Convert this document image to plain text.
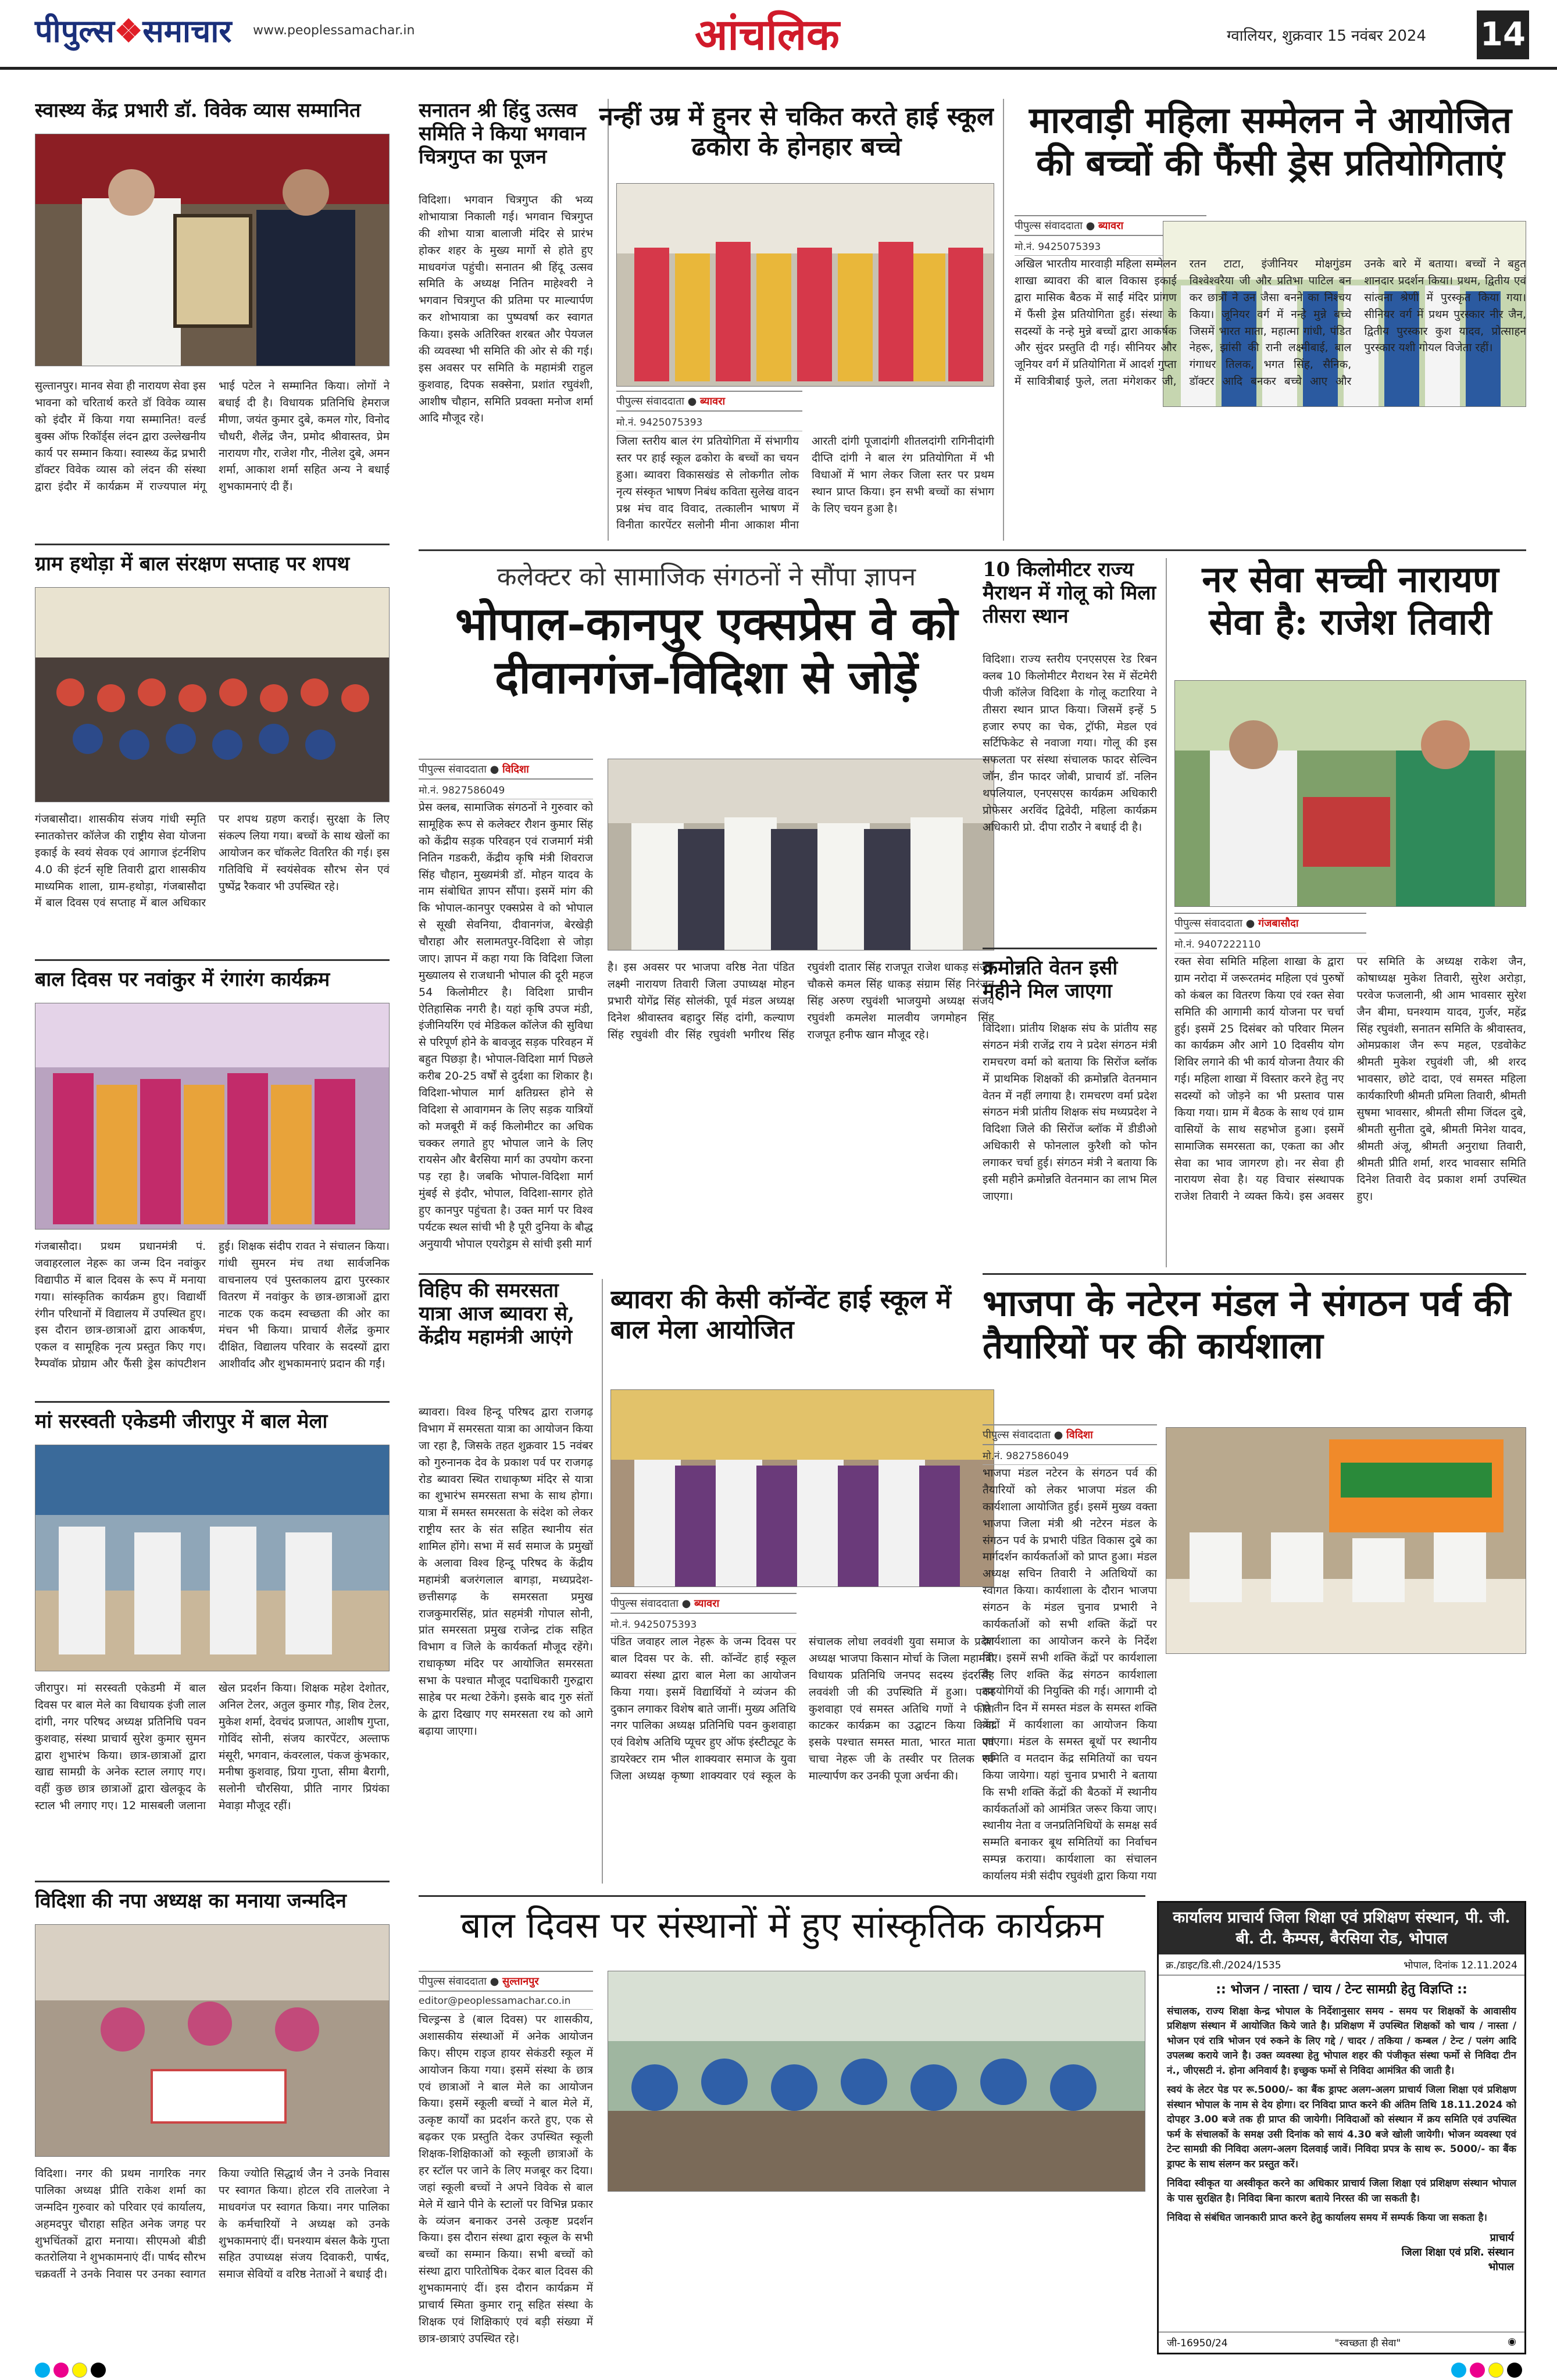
पीपुल्स❖समाचार www.peoplessamachar.in	आंचलिक	ग्वालियर, शुक्रवार 15 नवंबर 2024 14
स्वास्थ्य केंद्र प्रभारी डॉ. विवेक व्यास सम्मानित
सुल्तानपुर। मानव सेवा ही नारायण सेवा इस भावना को चरितार्थ करते डॉ विवेक व्यास को इंदौर में किया गया सम्मानित! वर्ल्ड बुक्स ऑफ रिकॉर्ड्स लंदन द्वारा उल्लेखनीय कार्य पर सम्मान किया। स्वास्थ्य केंद्र प्रभारी डॉक्टर विवेक व्यास को लंदन की संस्था द्वारा इंदौर में कार्यक्रम में राज्यपाल मंगू भाई पटेल ने सम्मानित किया। लोगों ने बधाई दी है। विधायक प्रतिनिधि हेमराज मीणा, जयंत कुमार दुबे, कमल गोर, विनोद चौधरी, शैलेंद्र जैन, प्रमोद श्रीवास्तव, प्रेम नारायण गौर, राजेश गौर, नीलेश दुबे, अमन शर्मा, आकाश शर्मा सहित अन्य ने बधाई शुभकामनाएं दी हैं।
ग्राम हथोड़ा में बाल संरक्षण सप्ताह पर शपथ
गंजबासौदा। शासकीय संजय गांधी स्मृति स्नातकोत्तर कॉलेज की राष्ट्रीय सेवा योजना इकाई के स्वयं सेवक एवं आगाज इंटर्नशिप 4.0 की इंटर्न सृष्टि तिवारी द्वारा शासकीय माध्यमिक शाला, ग्राम-हथोड़ा, गंजबासौदा में बाल दिवस एवं सप्ताह में बाल अधिकार पर शपथ ग्रहण कराई। सुरक्षा के लिए संकल्प लिया गया। बच्चों के साथ खेलों का आयोजन कर चॉकलेट वितरित की गई। इस गतिविधि में स्वयंसेवक सौरभ सेन एवं पुष्पेंद्र रैकवार भी उपस्थित रहे।
बाल दिवस पर नवांकुर में रंगारंग कार्यक्रम
गंजबासौदा। प्रथम प्रधानमंत्री पं. जवाहरलाल नेहरू का जन्म दिन नवांकुर विद्यापीठ में बाल दिवस के रूप में मनाया गया। सांस्कृतिक कार्यक्रम हुए। विद्यार्थी रंगीन परिधानों में विद्यालय में उपस्थित हुए। इस दौरान छात्र-छात्राओं द्वारा आकर्षण, एकल व सामूहिक नृत्य प्रस्तुत किए गए। रैम्पवॉक प्रोग्राम और फैंसी ड्रेस कांपटीशन हुई। शिक्षक संदीप रावत ने संचालन किया। गांधी सुमरन मंच तथा सार्वजनिक वाचनालय एवं पुस्तकालय द्वारा पुरस्कार वितरण में नवांकुर के छात्र-छात्राओं द्वारा नाटक एक कदम स्वच्छता की ओर का मंचन भी किया। प्राचार्य शैलेंद्र कुमार दीक्षित, विद्यालय परिवार के सदस्यों द्वारा आशीर्वाद और शुभकामनाएं प्रदान की गईं।
मां सरस्वती एकेडमी जीरापुर में बाल मेला
जीरापुर। मां सरस्वती एकेडमी में बाल दिवस पर बाल मेले का विधायक इंजी लाल दांगी, नगर परिषद अध्यक्ष प्रतिनिधि पवन कुशवाह, संस्था प्राचार्य सुरेश कुमार सुमन द्वारा शुभारंभ किया। छात्र-छात्राओं द्वारा खाद्य सामग्री के अनेक स्टाल लगाए गए। वहीं कुछ छात्र छात्राओं द्वारा खेलकूद के स्टाल भी लगाए गए। 12 मासबली जलाना खेल प्रदर्शन किया। शिक्षक महेश देशोतर, अनिल टेलर, अतुल कुमार गौड़, शिव टेलर, मुकेश शर्मा, देवचंद प्रजापत, आशीष गुप्ता, गोविंद सोनी, संजय कारपेंटर, अल्ताफ मंसूरी, भगवान, कंवरलाल, पंकज कुंभकार, मनीषा कुशवाह, प्रिया गुप्ता, सीमा बैरागी, सलोनी चौरसिया, प्रीति नागर प्रियंका मेवाड़ा मौजूद रहीं।
विदिशा की नपा अध्यक्ष का मनाया जन्मदिन
विदिशा। नगर की प्रथम नागरिक नगर पालिका अध्यक्ष प्रीति राकेश शर्मा का जन्मदिन गुरुवार को परिवार एवं कार्यालय, अहमदपुर चौराहा सहित अनेक जगह पर शुभचिंतकों द्वारा मनाया। सीएमओ बीडी कतरोलिया ने शुभकामनाएं दीं। पार्षद सौरभ चक्रवर्ती ने उनके निवास पर उनका स्वागत किया ज्योति सिद्धार्थ जैन ने उनके निवास पर स्वागत किया। होटल रवि तालरेजा ने माधवगंज पर स्वागत किया। नगर पालिका के कर्मचारियों ने अध्यक्ष को उनके शुभकामनाएं दीं। घनश्याम बंसल कैके गुप्ता सहित उपाध्यक्ष संजय दिवाकरी, पार्षद, समाज सेवियों व वरिष्ठ नेताओं ने बधाई दी।
सनातन श्री हिंदु उत्सव समिति ने किया भगवान चित्रगुप्त का पूजन
विदिशा। भगवान चित्रगुप्त की भव्य शोभायात्रा निकाली गई। भगवान चित्रगुप्त की शोभा यात्रा बालाजी मंदिर से प्रारंभ होकर शहर के मुख्य मार्गो से होते हुए माधवगंज पहुंची। सनातन श्री हिंदू उत्सव समिति के अध्यक्ष नितिन माहेश्वरी ने भगवान चित्रगुप्त की प्रतिमा पर माल्यार्पण कर शोभायात्रा का पुष्पवर्षा कर स्वागत किया। इसके अतिरिक्त शरबत और पेयजल की व्यवस्था भी समिति की ओर से की गई। इस अवसर पर समिति के महामंत्री राहुल कुशवाह, दिपक सक्सेना, प्रशांत रघुवंशी, आशीष चौहान, समिति प्रवक्ता मनोज शर्मा आदि मौजूद रहे।
नन्हीं उम्र में हुनर से चकित करते हाई स्कूल ढकोरा के होनहार बच्चे
पीपुल्स संवाददाता ● ब्यावरा
मो.नं. 9425075393
जिला स्तरीय बाल रंग प्रतियोगिता में संभागीय स्तर पर हाई स्कूल ढकोरा के बच्चों का चयन हुआ। ब्यावरा विकासखंड से लोकगीत लोक नृत्य संस्कृत भाषण निबंध कविता सुलेख वादन प्रश्न मंच वाद विवाद, तत्कालीन भाषण में विनीता कारपेंटर सलोनी मीना आकाश मीना आरती दांगी पूजादांगी शीतलदांगी रागिनीदांगी दीप्ति दांगी ने बाल रंग प्रतियोगिता में भी विधाओं में भाग लेकर जिला स्तर पर प्रथम स्थान प्राप्त किया। इन सभी बच्चों का संभाग के लिए चयन हुआ है।
कलेक्टर को सामाजिक संगठनों ने सौंपा ज्ञापन
भोपाल-कानपुर एक्सप्रेस वे को दीवानगंज-विदिशा से जोड़ें
पीपुल्स संवाददाता ● विदिशा
मो.नं. 9827586049
प्रेस क्लब, सामाजिक संगठनों ने गुरुवार को सामूहिक रूप से कलेक्टर रौशन कुमार सिंह को केंद्रीय सड़क परिवहन एवं राजमार्ग मंत्री नितिन गडकरी, केंद्रीय कृषि मंत्री शिवराज सिंह चौहान, मुख्यमंत्री डॉ. मोहन यादव के नाम संबोधित ज्ञापन सौंपा। इसमें मांग की कि भोपाल-कानपुर एक्सप्रेस वे को भोपाल से सूखी सेवनिया, दीवानगंज, बेरखेड़ी चौराहा और सलामतपुर-विदिशा से जोड़ा जाए। ज्ञापन में कहा गया कि विदिशा जिला मुख्यालय से राजधानी भोपाल की दूरी महज 54 किलोमीटर है। विदिशा प्राचीन ऐतिहासिक नगरी है। यहां कृषि उपज मंडी, इंजीनियरिंग एवं मेडिकल कॉलेज की सुविधा से परिपूर्ण होने के बावजूद सड़क परिवहन में बहुत पिछड़ा है। भोपाल-विदिशा मार्ग पिछले करीब 20-25 वर्षों से दुर्दशा का शिकार है। विदिशा-भोपाल मार्ग क्षतिग्रस्त होने से विदिशा से आवागमन के लिए सड़क यात्रियों को मजबूरी में कई किलोमीटर का अधिक चक्कर लगाते हुए भोपाल जाने के लिए रायसेन और बैरसिया मार्ग का उपयोग करना पड़ रहा है। जबकि भोपाल-विदिशा मार्ग मुंबई से इंदौर, भोपाल, विदिशा-सागर होते हुए कानपुर पहुंचता है। उक्त मार्ग पर विश्व पर्यटक स्थल सांची भी है पूरी दुनिया के बौद्ध अनुयायी भोपाल एयरोड्रम से सांची इसी मार्ग
है। इस अवसर पर भाजपा वरिष्ठ नेता पंडित लक्ष्मी नारायण तिवारी जिला उपाध्यक्ष मोहन प्रभारी योगेंद्र सिंह सोलंकी, पूर्व मंडल अध्यक्ष दिनेश श्रीवास्तव बहादुर सिंह दांगी, कल्याण सिंह रघुवंशी वीर सिंह रघुवंशी भगीरथ सिंह रघुवंशी दातार सिंह राजपूत राजेश धाकड़ संजय चौकसे कमल सिंह धाकड़ संग्राम सिंह निरंजन सिंह अरुण रघुवंशी भाजयुमो अध्यक्ष संजय रघुवंशी कमलेश मालवीय जगमोहन सिंह राजपूत हनीफ खान मौजूद रहे।
विहिप की समरसता यात्रा आज ब्यावरा से, केंद्रीय महामंत्री आएंगे
ब्यावरा। विश्व हिन्दू परिषद द्वारा राजगढ़ विभाग में समरसता यात्रा का आयोजन किया जा रहा है, जिसके तहत शुक्रवार 15 नवंबर को गुरुनानक देव के प्रकाश पर्व पर राजगढ़ रोड ब्यावरा स्थित राधाकृष्ण मंदिर से यात्रा का शुभारंभ समरसता सभा के साथ होगा। यात्रा में समस्त समरसता के संदेश को लेकर राष्ट्रीय स्तर के संत सहित स्थानीय संत शामिल होंगे। सभा में सर्व समाज के प्रमुखों के अलावा विश्व हिन्दू परिषद के केंद्रीय महामंत्री बजरंगलाल बागड़ा, मध्यप्रदेश-छत्तीसगढ़ के समरसता प्रमुख राजकुमारसिंह, प्रांत सहमंत्री गोपाल सोनी, प्रांत समरसता प्रमुख राजेन्द्र टांक सहित विभाग व जिले के कार्यकर्ता मौजूद रहेंगे। राधाकृष्ण मंदिर पर आयोजित समरसता सभा के पश्चात मौजूद पदाधिकारी गुरुद्वारा साहेब पर मत्था टेकेंगे। इसके बाद गुरु संतों के द्वारा दिखाए गए समरसता रथ को आगे बढ़ाया जाएगा।
ब्यावरा की केसी कॉन्वेंट हाई स्कूल में बाल मेला आयोजित
पीपुल्स संवाददाता ● ब्यावरा
मो.नं. 9425075393
पंडित जवाहर लाल नेहरू के जन्म दिवस पर बाल दिवस पर के. सी. कॉन्वेंट हाई स्कूल ब्यावरा संस्था द्वारा बाल मेला का आयोजन किया गया। इसमें विद्यार्थियों ने व्यंजन की दुकान लगाकर विशेष बाते जानीं। मुख्य अतिथि नगर पालिका अध्यक्ष प्रतिनिधि पवन कुशवाहा एवं विशेष अतिथि प्यूचर हुए ऑफ इंस्टीट्यूट के डायरेक्टर राम भील शाक्यवार समाज के युवा जिला अध्यक्ष कृष्णा शाक्यवार एवं स्कूल के संचालक लोधा लववंशी युवा समाज के प्रदेश अध्यक्ष भाजपा किसान मोर्चा के जिला महामंत्री विधायक प्रतिनिधि जनपद सदस्य इंदरसिंह लववंशी जी की उपस्थिति में हुआ। पवन कुशवाहा एवं समस्त अतिथि गणों ने फीता काटकर कार्यक्रम का उद्घाटन किया किया इसके पश्चात समस्त माता, भारत माता एवं चाचा नेहरू जी के तस्वीर पर तिलक एवं माल्यार्पण कर उनकी पूजा अर्चना की।
बाल दिवस पर संस्थानों में हुए सांस्कृतिक कार्यक्रम
पीपुल्स संवाददाता ● सुल्तानपुर
editor@peoplessamachar.co.in
चिल्ड्रन्स डे (बाल दिवस) पर शासकीय, अशासकीय संस्थाओं में अनेक आयोजन किए। सीएम राइज हायर सेकंडरी स्कूल में आयोजन किया गया। इसमें संस्था के छात्र एवं छात्राओं ने बाल मेले का आयोजन किया। इसमें स्कूली बच्चों ने बाल मेले में, उत्कृष्ट कार्यों का प्रदर्शन करते हुए, एक से बढ़कर एक प्रस्तुति देकर उपस्थित स्कूली शिक्षक-शिक्षिकाओं को स्कूली छात्राओं के हर स्टॉल पर जाने के लिए मजबूर कर दिया। जहां स्कूली बच्चों ने अपने विवेक से बाल मेले में खाने पीने के स्टालों पर विभिन्न प्रकार के व्यंजन बनाकर उनसे उत्कृष्ट प्रदर्शन किया। इस दौरान संस्था द्वारा स्कूल के सभी बच्चों का सम्मान किया। सभी बच्चों को संस्था द्वारा पारितोषिक देकर बाल दिवस की शुभकामनाएं दीं। इस दौरान कार्यक्रम में प्राचार्य स्मिता कुमार रानू सहित संस्था के शिक्षक एवं शिक्षिकाएं एवं बड़ी संख्या में छात्र-छात्राएं उपस्थित रहे।
मारवाड़ी महिला सम्मेलन ने आयोजित की बच्चों की फैंसी ड्रेस प्रतियोगिताएं
पीपुल्स संवाददाता ● ब्यावरा
मो.नं. 9425075393
अखिल भारतीय मारवाड़ी महिला सम्मेलन शाखा ब्यावरा की बाल विकास इकाई द्वारा मासिक बैठक में साईं मंदिर प्रांगण में फैंसी ड्रेस प्रतियोगिता हुई। संस्था के सदस्यों के नन्हे मुन्ने बच्चों द्वारा आकर्षक और सुंदर प्रस्तुति दी गई। सीनियर और जूनियर वर्ग में प्रतियोगिता में आदर्श गुप्ता में सावित्रीबाई फुले, लता मंगेशकर जी, रतन टाटा, इंजीनियर मोक्षगुंडम विश्वेश्वरैया जी और प्रतिभा पाटिल बन कर छात्रों ने उन जैसा बनने का निश्चय किया। जूनियर वर्ग में नन्हे मुन्ने बच्चे जिसमें भारत माता, महात्मा गांधी, पंडित नेहरू, झांसी की रानी लक्ष्मीबाई, बाल गंगाधर तिलक, भगत सिंह, सैनिक, डॉक्टर आदि बनकर बच्चे आए और उनके बारे में बताया। बच्चों ने बहुत शानदार प्रदर्शन किया। प्रथम, द्वितीय एवं सांत्वना श्रेणी में पुरस्कृत किया गया। सीनियर वर्ग में प्रथम पुरस्कार नीर जैन, द्वितीय पुरस्कार कुश यादव, प्रोत्साहन पुरस्कार यशी गोयल विजेता रहीं।
10 किलोमीटर राज्य मैराथन में गोलू को मिला तीसरा स्थान
विदिशा। राज्य स्तरीय एनएसएस रेड रिबन क्लब 10 किलोमीटर मैराथन रेस में सेंटमेरी पीजी कॉलेज विदिशा के गोलू कटारिया ने तीसरा स्थान प्राप्त किया। जिसमें इन्हें 5 हजार रुपए का चेक, ट्रॉफी, मेडल एवं सर्टिफिकेट से नवाजा गया। गोलू की इस सफलता पर संस्था संचालक फादर सेल्विन जॉन, डीन फादर जोबी, प्राचार्य डॉ. नलिन थपलियाल, एनएसएस कार्यक्रम अधिकारी प्रोफेसर अरविंद द्विवेदी, महिला कार्यक्रम अधिकारी प्रो. दीपा राठौर ने बधाई दी है।
क्रमोन्नति वेतन इसी महीने मिल जाएगा
विदिशा। प्रांतीय शिक्षक संघ के प्रांतीय सह संगठन मंत्री राजेंद्र राय ने प्रदेश संगठन मंत्री रामचरण वर्मा को बताया कि सिरोंज ब्लॉक में प्राथमिक शिक्षकों की क्रमोन्नति वेतनमान वेतन में नहीं लगाया है। रामचरण वर्मा प्रदेश संगठन मंत्री प्रांतीय शिक्षक संघ मध्यप्रदेश ने विदिशा जिले की सिरोंज ब्लॉक में डीडीओ अधिकारी से फोनलाल कुरैशी को फोन लगाकर चर्चा हुई। संगठन मंत्री ने बताया कि इसी महीने क्रमोन्नति वेतनमान का लाभ मिल जाएगा।
नर सेवा सच्ची नारायण सेवा है: राजेश तिवारी
पीपुल्स संवाददाता ● गंजबासौदा
मो.नं. 9407222110
रक्त सेवा समिति महिला शाखा के द्वारा ग्राम नरोदा में जरूरतमंद महिला एवं पुरुषों को कंबल का वितरण किया एवं रक्त सेवा समिति की आगामी कार्य योजना पर चर्चा हुई। इसमें 25 दिसंबर को परिवार मिलन का कार्यक्रम और आगे 10 दिवसीय योग शिविर लगाने की भी कार्य योजना तैयार की गई। महिला शाखा में विस्तार करने हेतु नए सदस्यों को जोड़ने का भी प्रस्ताव पास किया गया। ग्राम में बैठक के साथ एवं ग्राम वासियों के साथ सहभोज हुआ। इसमें सामाजिक समरसता का, एकता का और सेवा का भाव जागरण हो। नर सेवा ही नारायण सेवा है। यह विचार संस्थापक राजेश तिवारी ने व्यक्त किये। इस अवसर पर समिति के अध्यक्ष राकेश जैन, कोषाध्यक्ष मुकेश तिवारी, सुरेश अरोड़ा, परवेज फजलानी, श्री आम भावसार सुरेश जैन बीमा, घनश्याम यादव, गुर्जर, महेंद्र सिंह रघुवंशी, सनातन समिति के श्रीवास्तव, ओमप्रकाश जैन रूप महल, एडवोकेट श्रीमती मुकेश रघुवंशी जी, श्री शरद भावसार, छोटे दादा, एवं समस्त महिला कार्यकारिणी श्रीमती प्रमिला तिवारी, श्रीमती सुषमा भावसार, श्रीमती सीमा जिंदल दुबे, श्रीमती सुनीता दुबे, श्रीमती मिनेश यादव, श्रीमती अंजू, श्रीमती अनुराधा तिवारी, श्रीमती प्रीति शर्मा, शरद भावसार समिति दिनेश तिवारी वेद प्रकाश शर्मा उपस्थित हुए।
भाजपा के नटेरन मंडल ने संगठन पर्व की तैयारियों पर की कार्यशाला
पीपुल्स संवाददाता ● विदिशा
मो.नं. 9827586049
भाजपा मंडल नटेरन के संगठन पर्व की तैयारियों को लेकर भाजपा मंडल की कार्यशाला आयोजित हुई। इसमें मुख्य वक्ता भाजपा जिला मंत्री श्री नटेरन मंडल के संगठन पर्व के प्रभारी पंडित विकास दुबे का मार्गदर्शन कार्यकर्ताओं को प्राप्त हुआ। मंडल अध्यक्ष सचिन तिवारी ने अतिथियों का स्वागत किया। कार्यशाला के दौरान भाजपा संगठन के मंडल चुनाव प्रभारी ने कार्यकर्ताओं को सभी शक्ति केंद्रों पर कार्यशाला का आयोजन करने के निर्देश दिए। इसमें सभी शक्ति केंद्रों पर कार्यशाला के लिए शक्ति केंद्र संगठन कार्यशाला सहयोगियों की नियुक्ति की गई। आगामी दो से तीन दिन में समस्त मंडल के समस्त शक्ति केंद्रों में कार्यशाला का आयोजन किया जाएगा। मंडल के समस्त बूथों पर स्थानीय समिति व मतदान केंद्र समितियों का चयन किया जायेगा। यहां चुनाव प्रभारी ने बताया कि सभी शक्ति केंद्रों की बैठकों में स्थानीय कार्यकर्ताओं को आमंत्रित जरूर किया जाए। स्थानीय नेता व जनप्रतिनिधियों के समक्ष सर्व सम्मति बनाकर बूथ समितियों का निर्वाचन सम्पन्न कराया। कार्यशाला का संचालन कार्यालय मंत्री संदीप रघुवंशी द्वारा किया गया
कार्यालय प्राचार्य जिला शिक्षा एवं प्रशिक्षण संस्थान, पी. जी. बी. टी. कैम्पस, बैरसिया रोड, भोपाल
क्र./डाइट/डि.सी./2024/1535	भोपाल, दिनांक 12.11.2024
:: भोजन / नास्ता / चाय / टेन्ट सामग्री हेतु विज्ञप्ति ::
संचालक, राज्य शिक्षा केन्द्र भोपाल के निर्देशानुसार समय - समय पर शिक्षकों के आवासीय प्रशिक्षण संस्थान में आयोजित किये जाते है। प्रशिक्षण में उपस्थित शिक्षकों को चाय / नास्ता / भोजन एवं रात्रि भोजन एवं रुकने के लिए गद्दे / चादर / तकिया / कम्बल / टेन्ट / पलंग आदि उपलब्ध कराये जाने है। उक्त व्यवस्था हेतु भोपाल शहर की पंजीकृत संस्था फर्मो से निविदा टीन नं., जीएसटी नं. होना अनिवार्य है। इच्छुक फर्मो से निविदा आमंत्रित की जाती है।
स्वयं के लेटर पेड पर रू.5000/- का बैंक ड्राफ्ट अलग-अलग प्राचार्य जिला शिक्षा एवं प्रशिक्षण संस्थान भोपाल के नाम से देय होगा। दर निविदा प्राप्त करने की अंतिम तिथि 18.11.2024 को दोपहर 3.00 बजे तक ही प्राप्त की जायेगी। निविदाओं को संस्थान में क्रय समिति एवं उपस्थित फर्म के संचालकों के समक्ष उसी दिनांक को सायं 4.30 बजे खोली जायेगी। भोजन व्यवस्था एवं टेन्ट सामग्री की निविदा अलग-अलग दिलवाई जावें। निविदा प्रपत्र के साथ रू. 5000/- का बैंक ड्राफ्ट के साथ संलग्न कर प्रस्तुत करें।
निविदा स्वीकृत या अस्वीकृत करने का अधिकार प्राचार्य जिला शिक्षा एवं प्रशिक्षण संस्थान भोपाल के पास सुरक्षित है। निविदा बिना कारण बताये निरस्त की जा सकती है।
निविदा से संबंधित जानकारी प्राप्त करने हेतु कार्यालय समय में सम्पर्क किया जा सकता है।
प्राचार्य
जिला शिक्षा एवं प्रशि. संस्थान
भोपाल
जी-16950/24	"स्वच्छता ही सेवा"	◉
